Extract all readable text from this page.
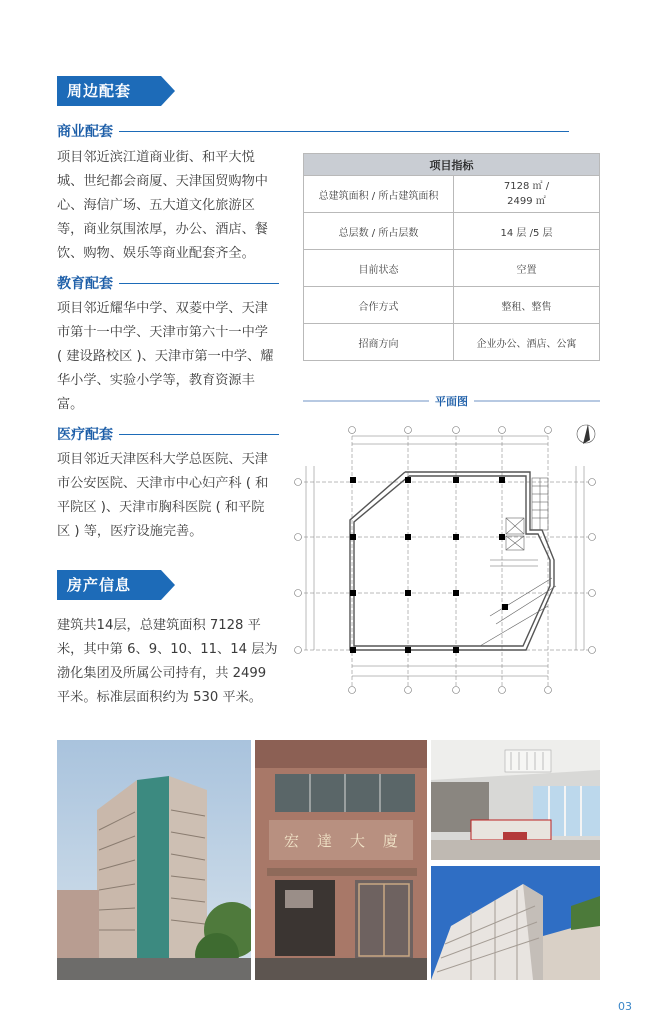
周边配套
商业配套
项目邻近滨江道商业街、和平大悦城、世纪都会商厦、天津国贸购物中心、海信广场、五大道文化旅游区等，商业氛围浓厚，办公、酒店、餐饮、购物、娱乐等商业配套齐全。
教育配套
项目邻近耀华中学、双菱中学、天津市第十一中学、天津市第六十一中学 ( 建设路校区 )、天津市第一中学、耀华小学、实验小学等，教育资源丰富。
医疗配套
项目邻近天津医科大学总医院、天津市公安医院、天津市中心妇产科 ( 和平院区 )、天津市胸科医院 ( 和平院区 ) 等，医疗设施完善。
房产信息
建筑共14层，总建筑面积 7128 平米，其中第 6、9、10、11、14 层为渤化集团及所属公司持有，共 2499 平米。标准层面积约为 530 平米。
项目指标	
总建筑面积 / 所占建筑面积	7128 ㎡ /
2499 ㎡

总层数 / 所占层数	14 层 /5 层
目前状态	空置
合作方式	整租、整售
招商方向	企业办公、酒店、公寓
平面图
宏達大廈
03
